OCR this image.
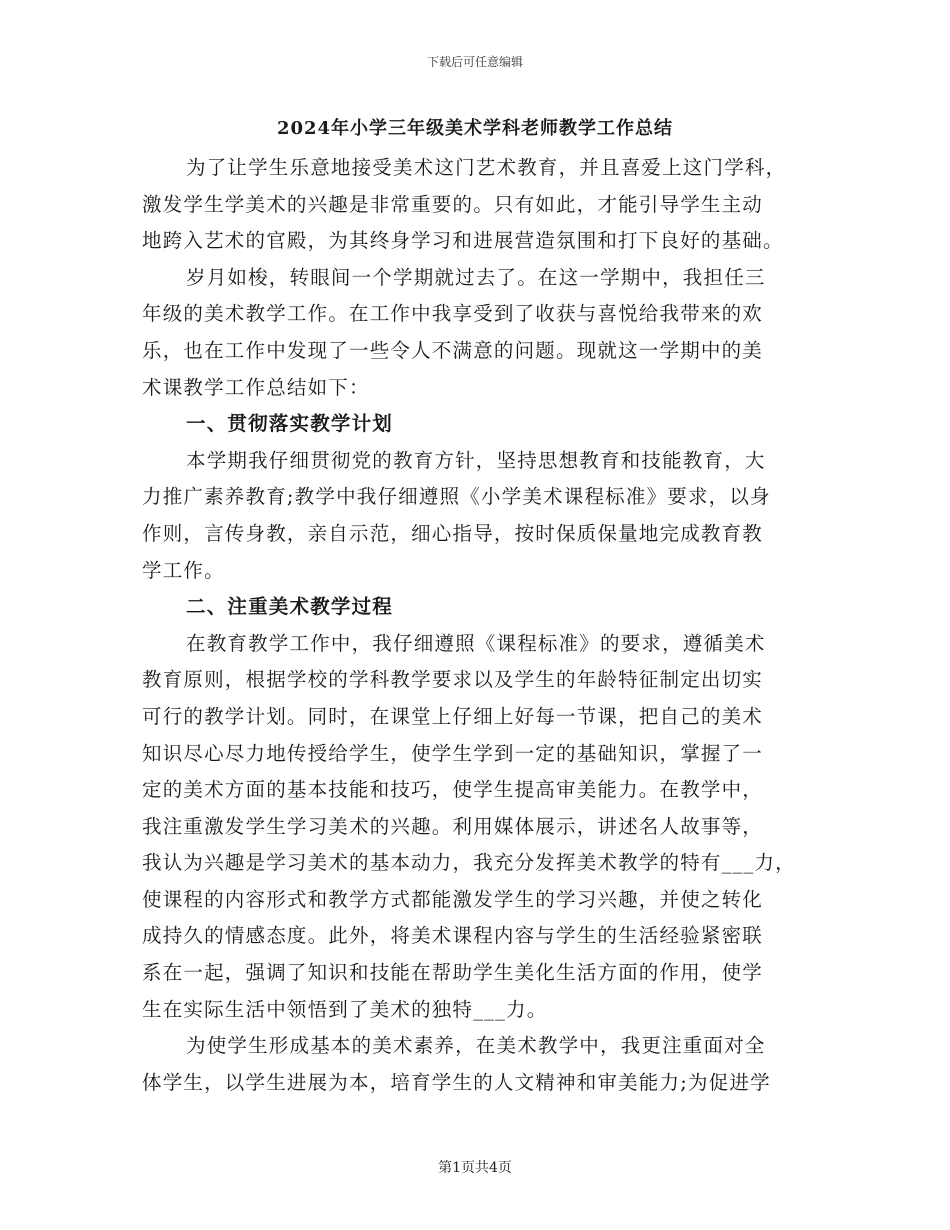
下载后可任意编辑
2024年小学三年级美术学科老师教学工作总结
为了让学生乐意地接受美术这门艺术教育，并且喜爱上这门学科，
激发学生学美术的兴趣是非常重要的。只有如此，才能引导学生主动
地跨入艺术的官殿，为其终身学习和进展营造氛围和打下良好的基础。
岁月如梭，转眼间一个学期就过去了。在这一学期中，我担任三
年级的美术教学工作。在工作中我享受到了收获与喜悦给我带来的欢
乐，也在工作中发现了一些令人不满意的问题。现就这一学期中的美
术课教学工作总结如下：
一、贯彻落实教学计划
本学期我仔细贯彻党的教育方针，坚持思想教育和技能教育，大
力推广素养教育;教学中我仔细遵照《小学美术课程标准》要求，以身
作则，言传身教，亲自示范，细心指导，按时保质保量地完成教育教
学工作。
二、注重美术教学过程
在教育教学工作中，我仔细遵照《课程标准》的要求，遵循美术
教育原则，根据学校的学科教学要求以及学生的年龄特征制定出切实
可行的教学计划。同时，在课堂上仔细上好每一节课，把自己的美术
知识尽心尽力地传授给学生，使学生学到一定的基础知识，掌握了一
定的美术方面的基本技能和技巧，使学生提高审美能力。在教学中，
我注重激发学生学习美术的兴趣。利用媒体展示，讲述名人故事等，
我认为兴趣是学习美术的基本动力，我充分发挥美术教学的特有___力，
使课程的内容形式和教学方式都能激发学生的学习兴趣，并使之转化
成持久的情感态度。此外，将美术课程内容与学生的生活经验紧密联
系在一起，强调了知识和技能在帮助学生美化生活方面的作用，使学
生在实际生活中领悟到了美术的独特___力。
为使学生形成基本的美术素养，在美术教学中，我更注重面对全
体学生，以学生进展为本，培育学生的人文精神和审美能力;为促进学
第1页共4页
